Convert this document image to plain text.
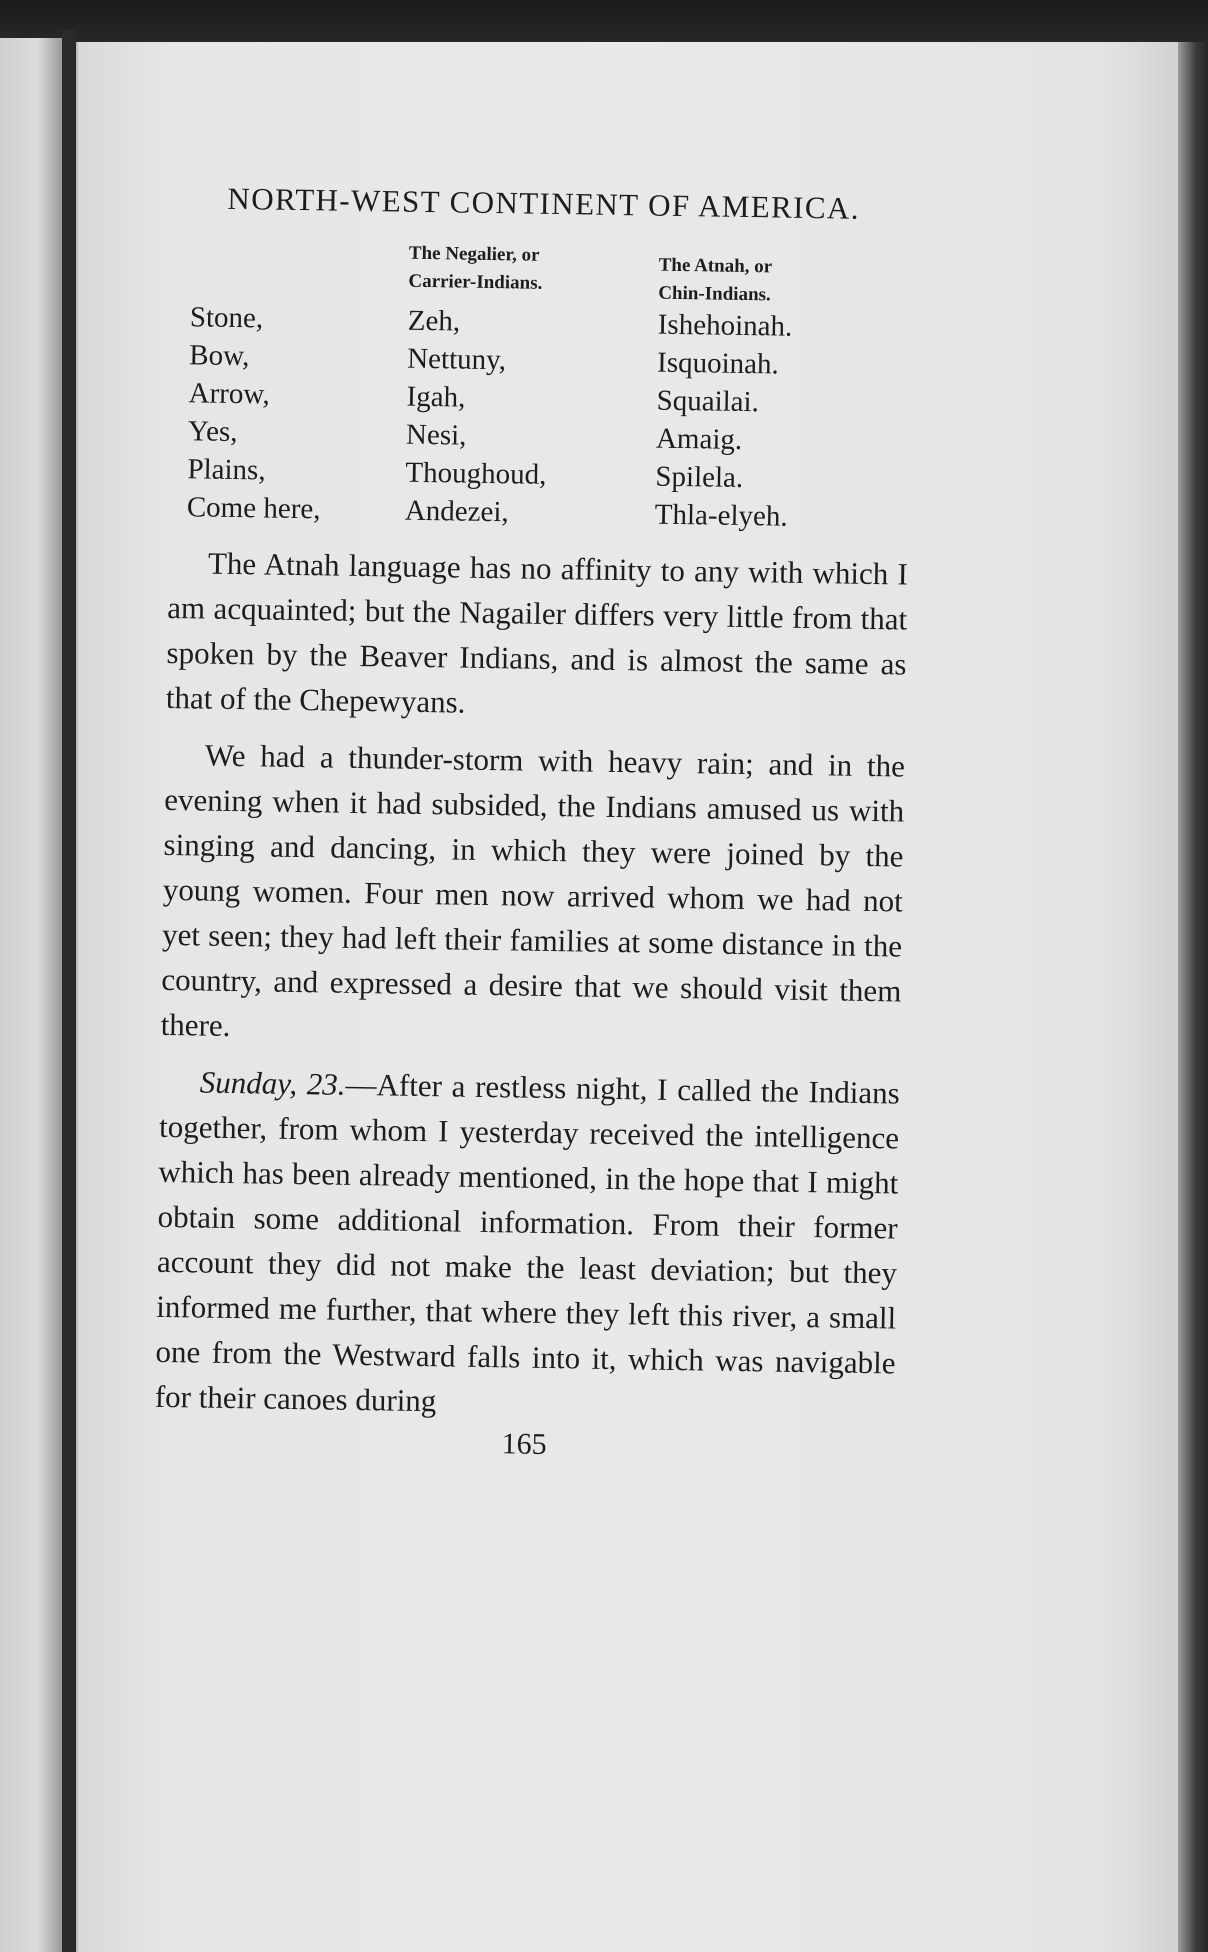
NORTH-WEST CONTINENT OF AMERICA.
The Negalier, or
Carrier-Indians.
The Atnah, or
Chin-Indians.
Stone,
Bow,
Arrow,
Yes,
Plains,
Come here,
Zeh,
Nettuny,
Igah,
Nesi,
Thoughoud,
Andezei,
Ishehoinah.
Isquoinah.
Squailai.
Amaig.
Spilela.
Thla-elyeh.

The Atnah language has no affinity to any with which I am acquainted; but the Nagailer differs very little from that spoken by the Beaver Indians, and is almost the same as that of the Chepewyans.

We had a thunder-storm with heavy rain; and in the evening when it had subsided, the Indians amused us with singing and dancing, in which they were joined by the young women. Four men now arrived whom we had not yet seen; they had left their families at some distance in the country, and expressed a desire that we should visit them there.

Sunday, 23.—After a restless night, I called the Indians together, from whom I yesterday received the intelligence which has been already mentioned, in the hope that I might obtain some additional information. From their former account they did not make the least deviation; but they informed me further, that where they left this river, a small one from the Westward falls into it, which was navigable for their canoes during

165
